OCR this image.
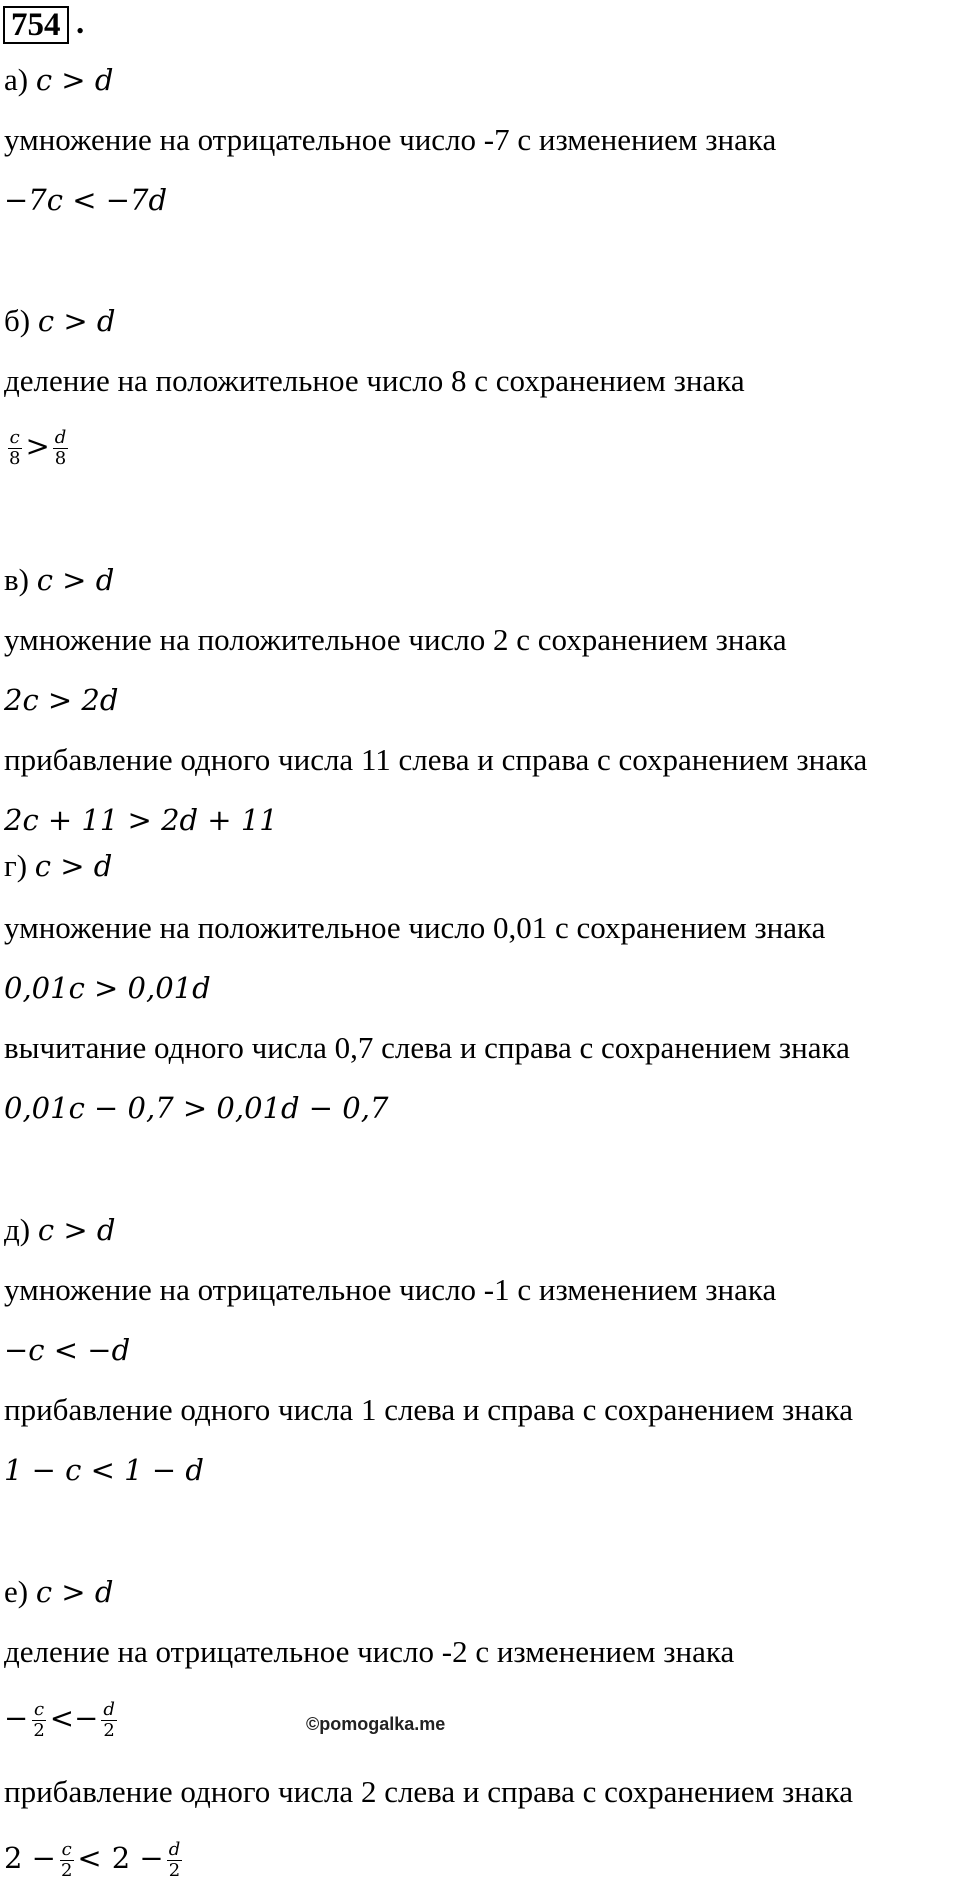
754 .
а) c > d
умножение на отрицательное число -7 с изменением знака
−7c < −7d
б) c > d
деление на положительное число 8 с сохранением знака
$\frac{c}{8} > \frac{d}{8}$
в) c > d
умножение на положительное число 2 с сохранением знака
2c > 2d
прибавление одного числа 11 слева и справа с сохранением знака
2c + 11 > 2d + 11
г) c > d
умножение на положительное число 0,01 с сохранением знака
0,01c > 0,01d
вычитание одного числа 0,7 слева и справа с сохранением знака
0,01c − 0,7 > 0,01d − 0,7
д) c > d
умножение на отрицательное число -1 с изменением знака
−c < −d
прибавление одного числа 1 слева и справа с сохранением знака
1 − c < 1 − d
е) c > d
деление на отрицательное число -2 с изменением знака
− $\frac{c}{2} <- \frac{d}{2}$
прибавление одного числа 2 слева и справа с сохранением знака
$2 - \frac{c}{2} < 2 - \frac{d}{2}$
©pomogalka.me
